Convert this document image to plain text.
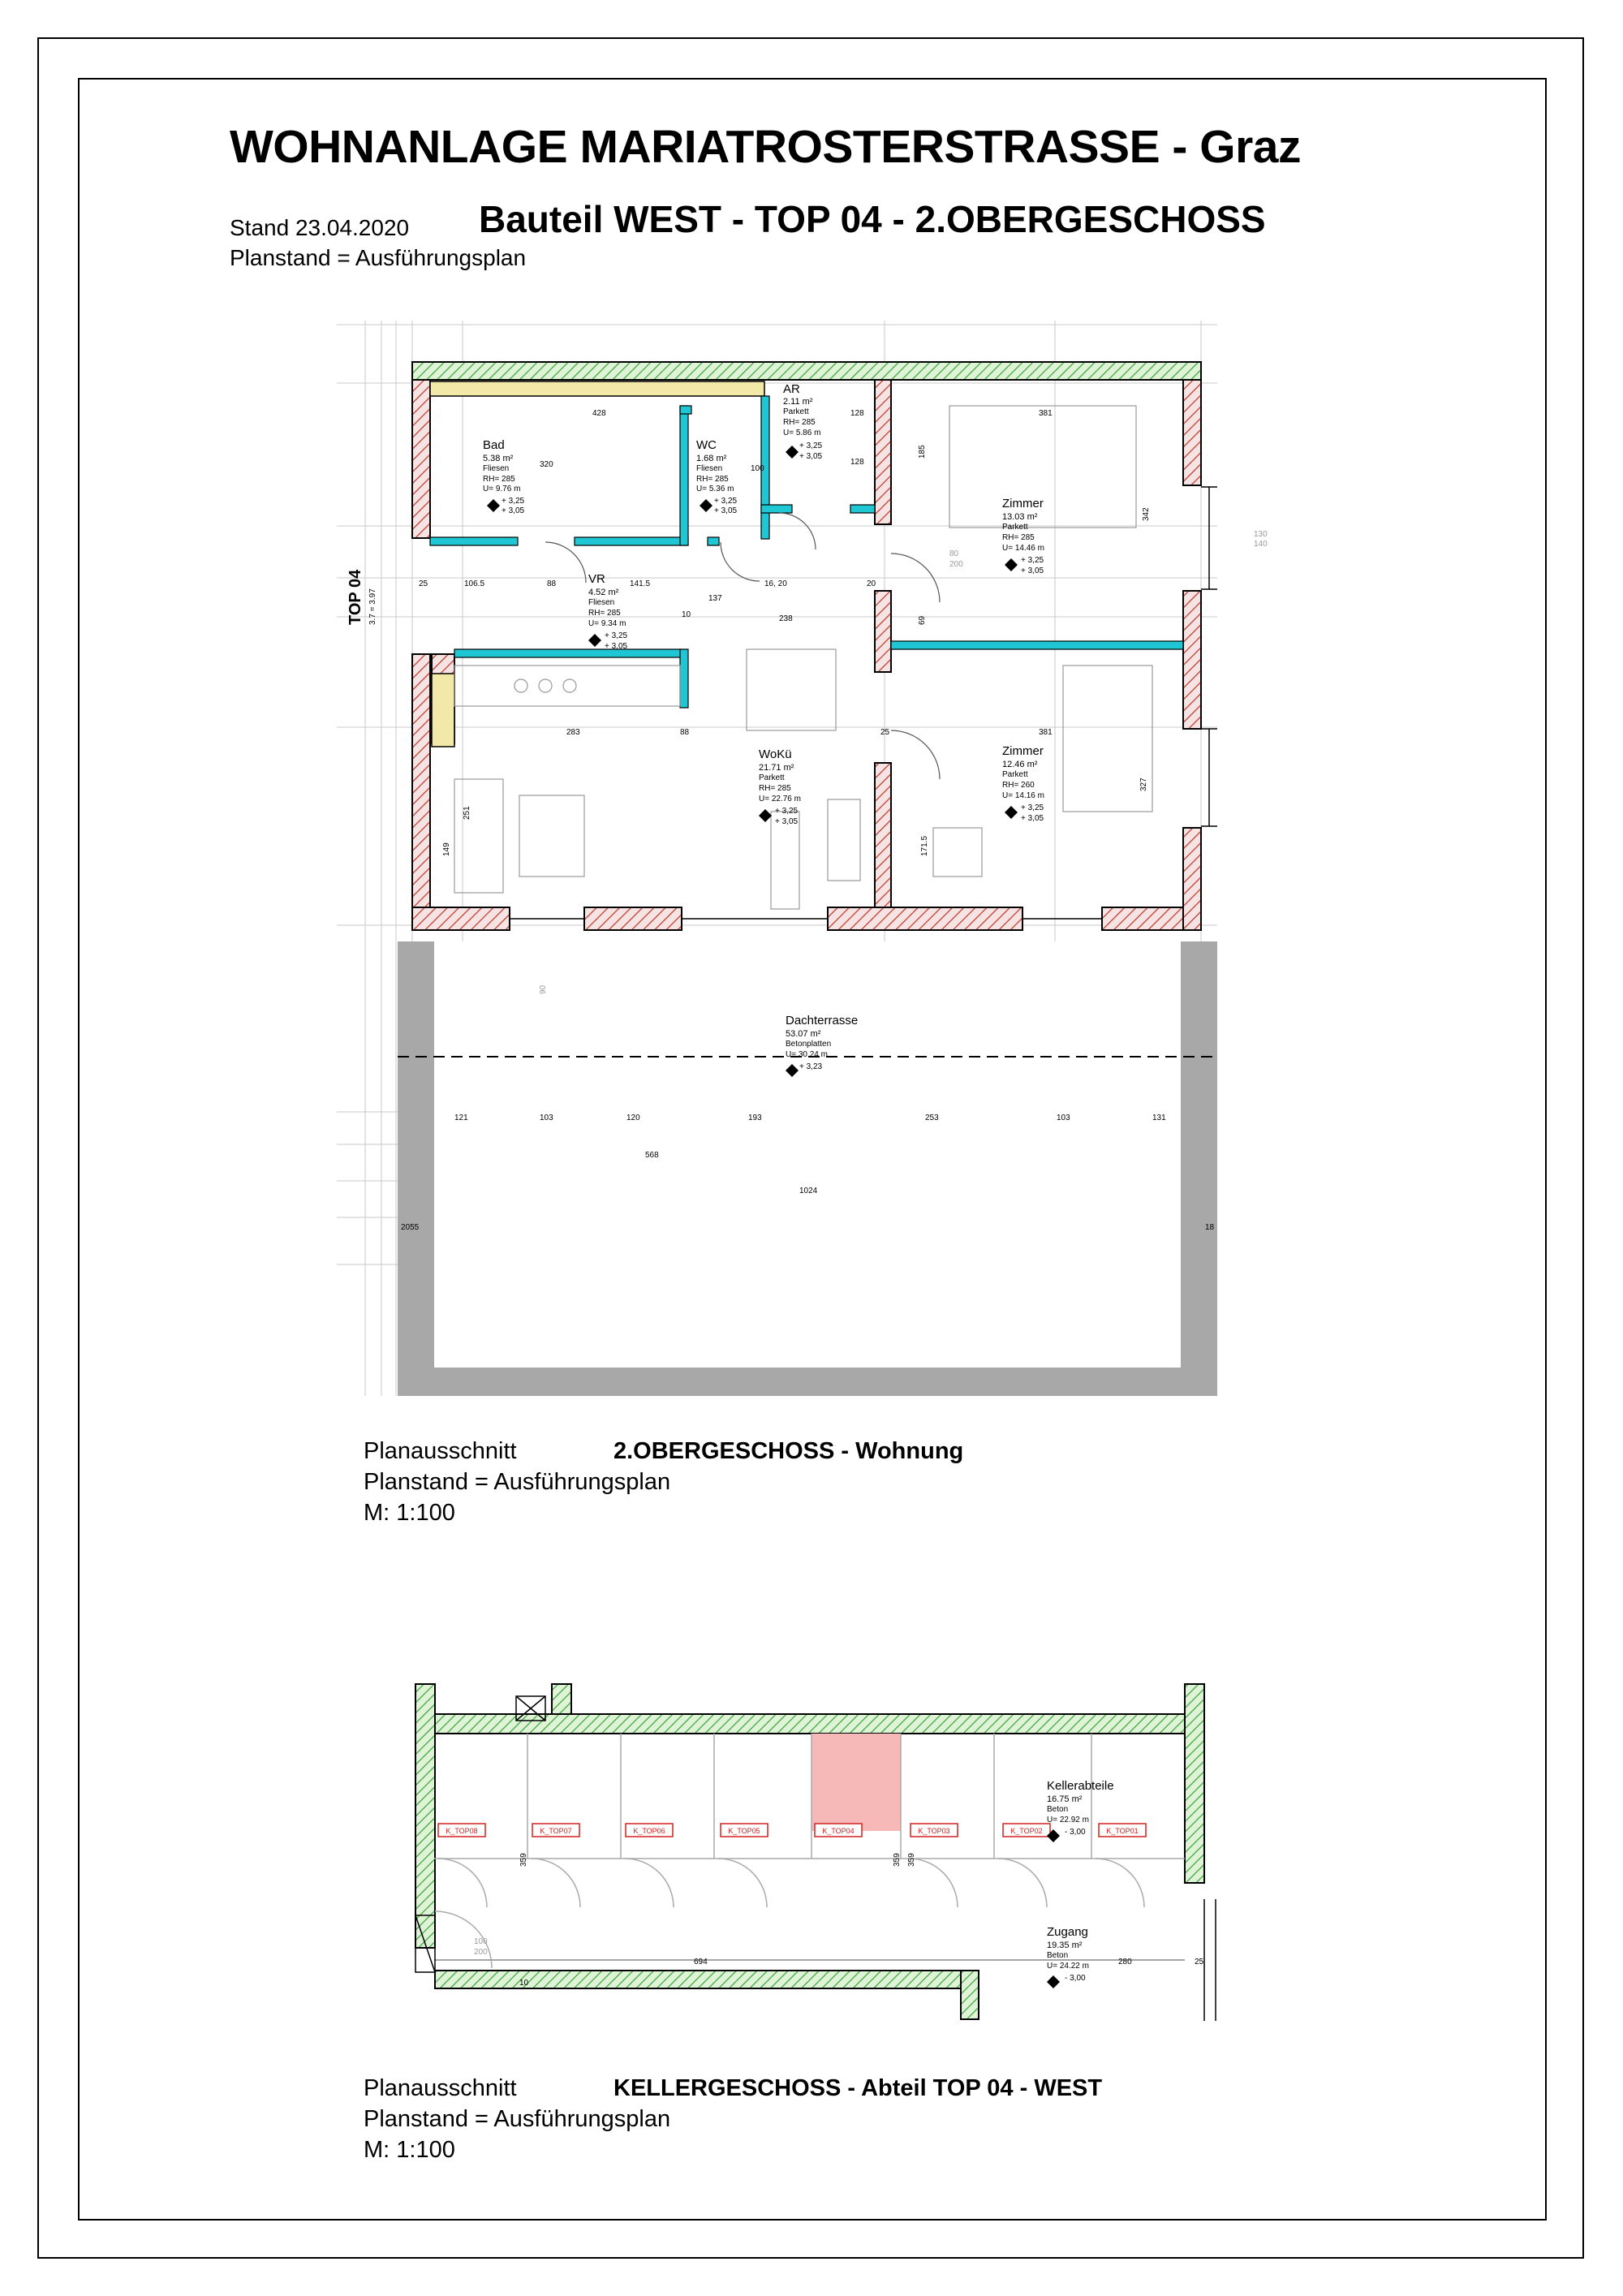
WOHNANLAGE MARIATROSTERSTRASSE - Graz
Stand 23.04.2020 Bauteil WEST - TOP 04 - 2.OBERGESCHOSS
Planstand = Ausführungsplan
TOP 04 3.7 = 3.97
Bad
5.38 m²
Fliesen
RH= 285
U= 9.76 m
+ 3,25
+ 3,05
WC
1.68 m²
Fliesen
RH= 285
U= 5.36 m
+ 3,25
+ 3,05
AR
2.11 m²
Parkett
RH= 285
U= 5.86 m
+ 3,25
+ 3,05
Zimmer
13.03 m²
Parkett
RH= 285
U= 14.46 m
+ 3,25
+ 3,05
VR
4.52 m²
Fliesen
RH= 285
U= 9.34 m
+ 3,25
+ 3,05
WoKü
21.71 m²
Parkett
RH= 285
U= 22.76 m
+ 3,25
+ 3,05
Zimmer
12.46 m²
Parkett
RH= 260
U= 14.16 m
+ 3,25
+ 3,05
Dachterrasse
53.07 m²
Betonplatten
U= 30.24 m
+ 3,23
428	128	381
320	100
128
185
342
106.5	141.5
88
10
137
16, 20
238
20
69
25
283	88	25	381
251
149	171.5
327
121	103	120	193	253	103	131
568
1024
2055	18
130
140
80
200
90
K_TOP08	K_TOP07	K_TOP06	K_TOP05	K_TOP04	K_TOP03	K_TOP02	K_TOP01
Kellerabteile
16.75 m²
Beton
U= 22.92 m
- 3,00
Zugang
19.35 m²
Beton
U= 24.22 m
- 3,00
694	280	25
359	359
359
100
200
10
Planausschnitt	2.OBERGESCHOSS - Wohnung
Planstand = Ausführungsplan
M: 1:100
Planausschnitt	KELLERGESCHOSS - Abteil TOP 04 - WEST
Planstand = Ausführungsplan
M: 1:100
